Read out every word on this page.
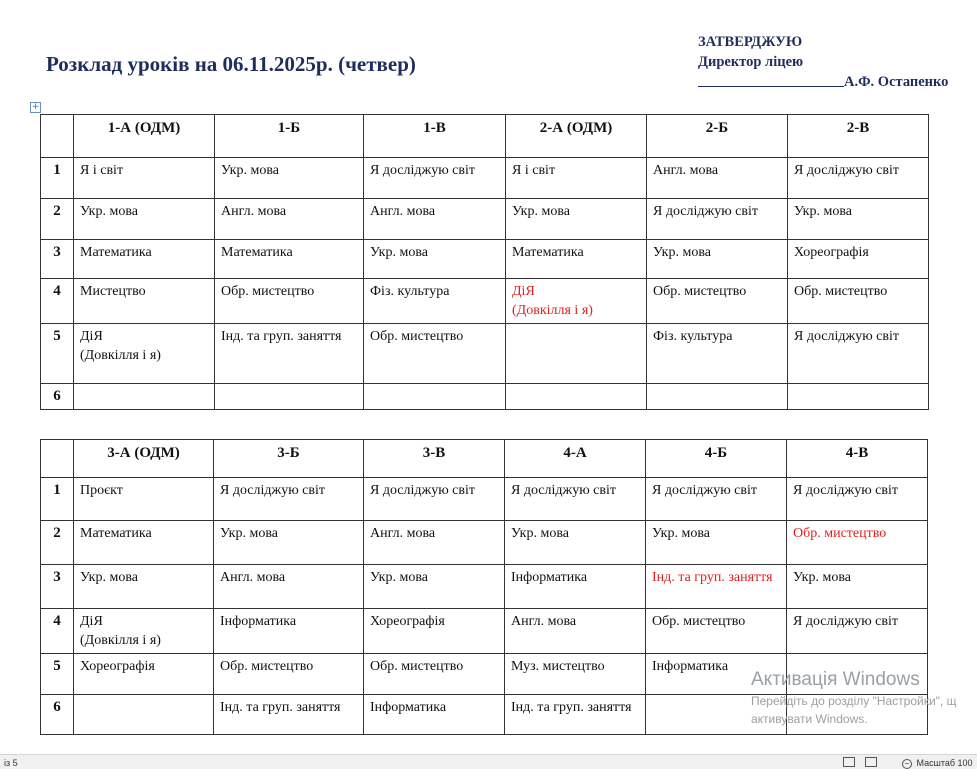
Розклад уроків на 06.11.2025р. (четвер)
ЗАТВЕРДЖУЮ
Директор ліцею
А.Ф. Остапенко
+
	1-А (ОДМ)	1-Б	1-В	2-А (ОДМ)	2-Б	2-В
1	Я і світ	Укр. мова	Я досліджую світ	Я і світ	Англ. мова	Я досліджую світ

2	Укр. мова	Англ. мова	Англ. мова	Укр. мова	Я досліджую світ	Укр. мова

3	Математика	Математика	Укр. мова	Математика	Укр. мова	Хореографія

4	Мистецтво	Обр. мистецтво	Фіз. культура	ДіЯ
(Довкілля і я)	Обр. мистецтво	Обр. мистецтво

5	ДіЯ
(Довкілля і я)	Інд. та груп. заняття	Обр. мистецтво		Фіз. культура	Я досліджую світ

6	

	3-А (ОДМ)	3-Б	3-В	4-А	4-Б	4-В
1	Проєкт	Я досліджую світ	Я досліджую світ	Я досліджую світ	Я досліджую світ	Я досліджую світ

2	Математика	Укр. мова	Англ. мова	Укр. мова	Укр. мова	Обр. мистецтво

3	Укр. мова	Англ. мова	Укр. мова	Інформатика	Інд. та груп. заняття	Укр. мова

4	ДіЯ
(Довкілля і я)	Інформатика	Хореографія	Англ. мова	Обр. мистецтво	Я досліджую світ

5	Хореографія	Обр. мистецтво	Обр. мистецтво	Муз. мистецтво	Інформатика	

6		Інд. та груп. заняття	Інформатика	Інд. та груп. заняття		

Активація Windows
Перейдіть до розділу "Настройки", щ
активувати Windows.
із 5	− Масштаб 100
